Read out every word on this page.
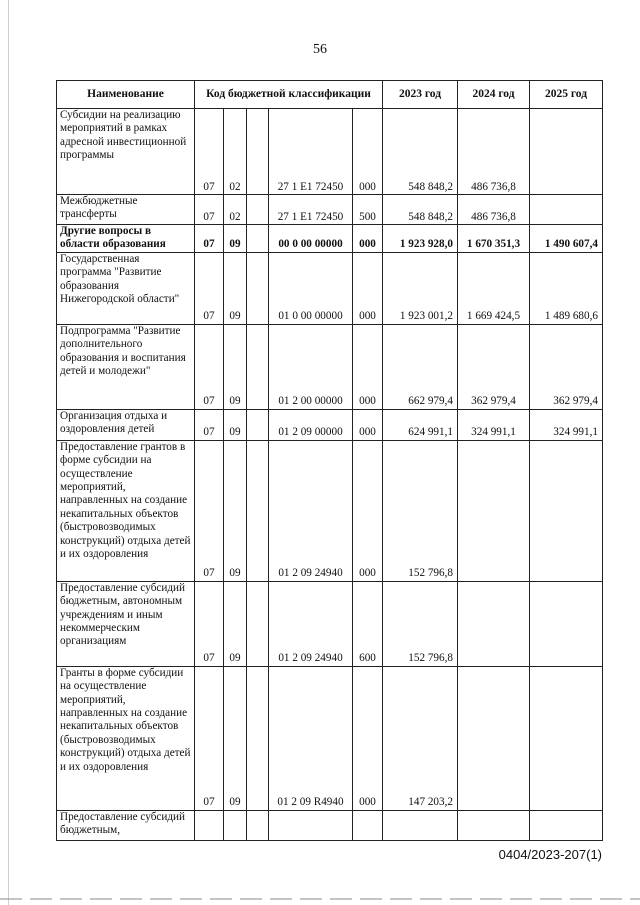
56
Наименование	Код бюджетной классификации					2023 год	2024 год	2025 год
Субсидии на реализацию мероприятий в рамках адресной инвестиционной программы	07	02		27 1 E1 72450	000	548 848,2	486 736,8	
Межбюджетные трансферты	07	02		27 1 E1 72450	500	548 848,2	486 736,8	
Другие вопросы в области образования	07	09		00 0 00 00000	000	1 923 928,0	1 670 351,3	1 490 607,4
Государственная программа "Развитие образования Нижегородской области"	07	09		01 0 00 00000	000	1 923 001,2	1 669 424,5	1 489 680,6
Подпрограмма "Развитие дополнительного образования и воспитания детей и молодежи"	07	09		01 2 00 00000	000	662 979,4	362 979,4	362 979,4
Организация отдыха и оздоровления детей	07	09		01 2 09 00000	000	624 991,1	324 991,1	324 991,1
Предоставление грантов в форме субсидии на осуществление мероприятий, направленных на создание некапитальных объектов (быстровозводимых конструкций) отдыха детей и их оздоровления	07	09		01 2 09 24940	000	152 796,8		
Предоставление субсидий бюджетным, автономным учреждениям и иным некоммерческим организациям	07	09		01 2 09 24940	600	152 796,8		
Гранты в форме субсидии на осуществление мероприятий, направленных на создание некапитальных объектов (быстровозводимых конструкций) отдыха детей и их оздоровления	07	09		01 2 09 R4940	000	147 203,2		
Предоставление субсидий бюджетным,								
0404/2023-207(1)
